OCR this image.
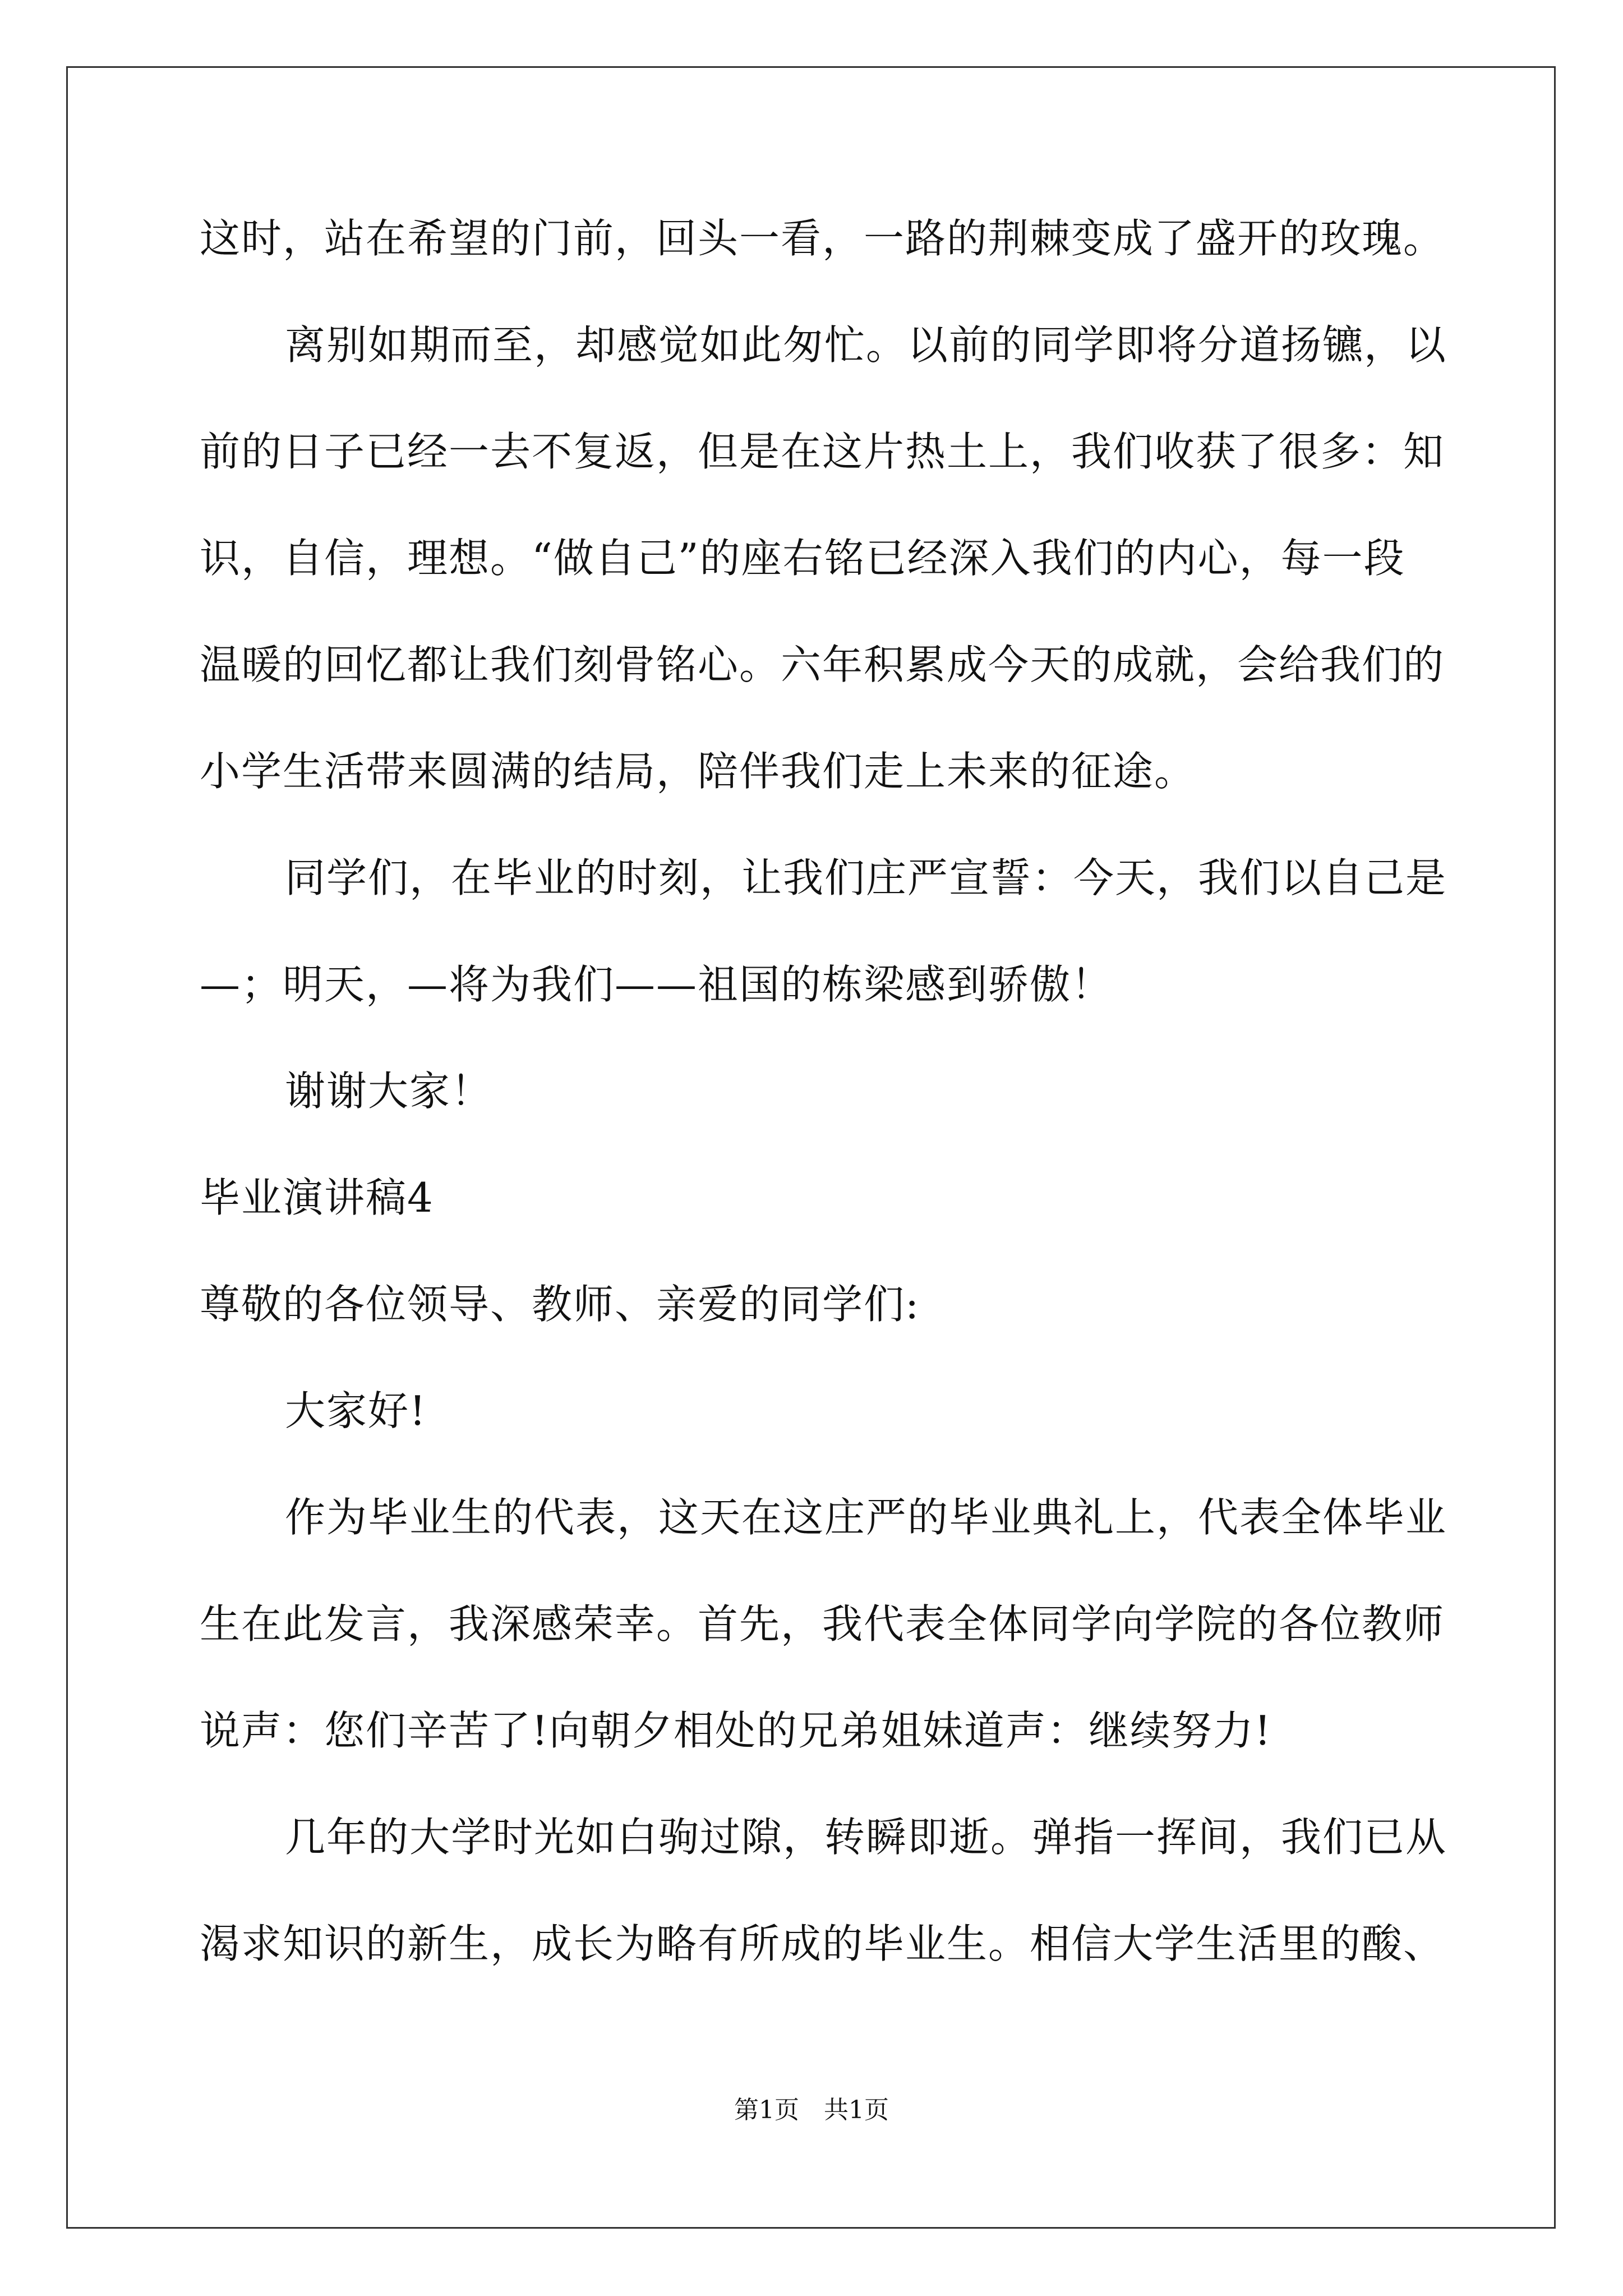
这时，站在希望的门前，回头一看，一路的荆棘变成了盛开的玫瑰。
离别如期而至，却感觉如此匆忙。以前的同学即将分道扬镳，以
前的日子已经一去不复返，但是在这片热土上，我们收获了很多：知
识，自信，理想。“做自己”的座右铭已经深入我们的内心，每一段
温暖的回忆都让我们刻骨铭心。六年积累成今天的成就，会给我们的
小学生活带来圆满的结局，陪伴我们走上未来的征途。
同学们，在毕业的时刻，让我们庄严宣誓：今天，我们以自己是
—；明天，—将为我们——祖国的栋梁感到骄傲！
谢谢大家！
毕业演讲稿4
尊敬的各位领导、教师、亲爱的同学们:
大家好!
作为毕业生的代表，这天在这庄严的毕业典礼上，代表全体毕业
生在此发言，我深感荣幸。首先，我代表全体同学向学院的各位教师
说声：您们辛苦了!向朝夕相处的兄弟姐妹道声：继续努力!
几年的大学时光如白驹过隙，转瞬即逝。弹指一挥间，我们已从
渴求知识的新生，成长为略有所成的毕业生。相信大学生活里的酸、
第1页　共1页
